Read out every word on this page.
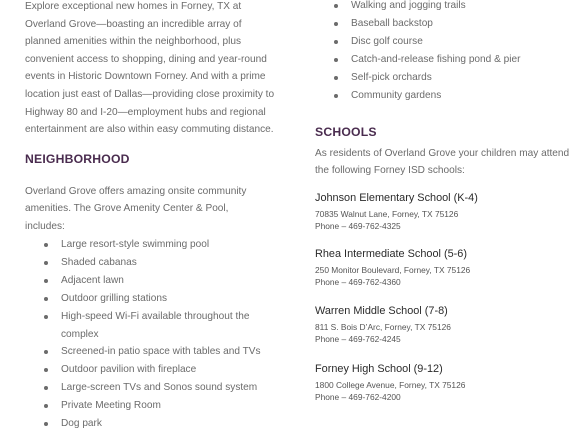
Explore exceptional new homes in Forney, TX at
Overland Grove—boasting an incredible array of
planned amenities within the neighborhood, plus
convenient access to shopping, dining and year-round
events in Historic Downtown Forney. And with a prime
location just east of Dallas—providing close proximity to
Highway 80 and I-20—employment hubs and regional
entertainment are also within easy commuting distance.

NEIGHBORHOOD

Overland Grove offers amazing onsite community
amenities. The Grove Amenity Center & Pool,
includes:

Large resort-style swimming pool
Shaded cabanas
Adjacent lawn
Outdoor grilling stations
High-speed Wi-Fi available throughout the
complex
Screened-in patio space with tables and TVs
Outdoor pavilion with fireplace
Large-screen TVs and Sonos sound system
Private Meeting Room
Dog park
Walking and jogging trails
Baseball backstop
Disc golf course
Catch-and-release fishing pond & pier
Self-pick orchards
Community gardens
SCHOOLS

As residents of Overland Grove your children may attend
the following Forney ISD schools:

Johnson Elementary School (K-4)

70835 Walnut Lane, Forney, TX 75126

Phone – 469-762-4325

Rhea Intermediate School (5-6)

250 Monitor Boulevard, Forney, TX 75126

Phone – 469-762-4360

Warren Middle School (7-8)

811 S. Bois D’Arc, Forney, TX 75126

Phone – 469-762-4245

Forney High School (9-12)

1800 College Avenue, Forney, TX 75126

Phone – 469-762-4200
